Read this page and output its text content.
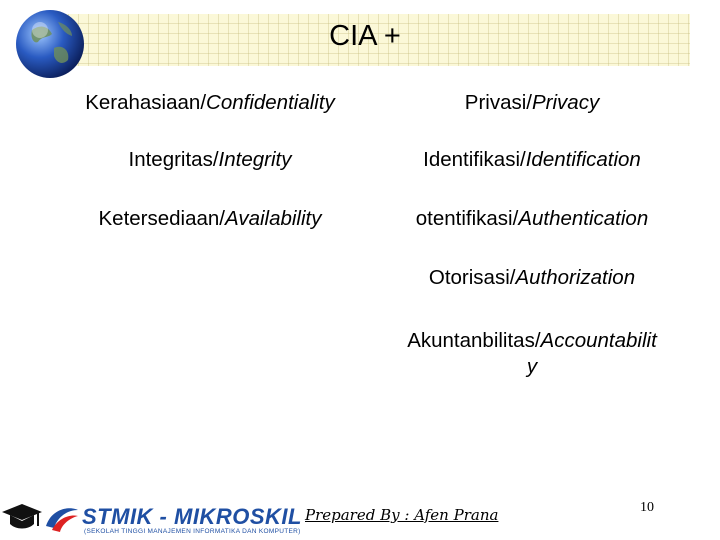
CIA +
Kerahasiaan/Confidentiality
Integritas/Integrity
Ketersediaan/Availability
Privasi/Privacy
Identifikasi/Identification
otentifikasi/Authentication
Otorisasi/Authorization
Akuntanbilitas/Accountabilit
y
STMIK - MIKROSKIL
(SEKOLAH TINGGI MANAJEMEN INFORMATIKA DAN KOMPUTER)
Prepared By : Afen Prana	10
